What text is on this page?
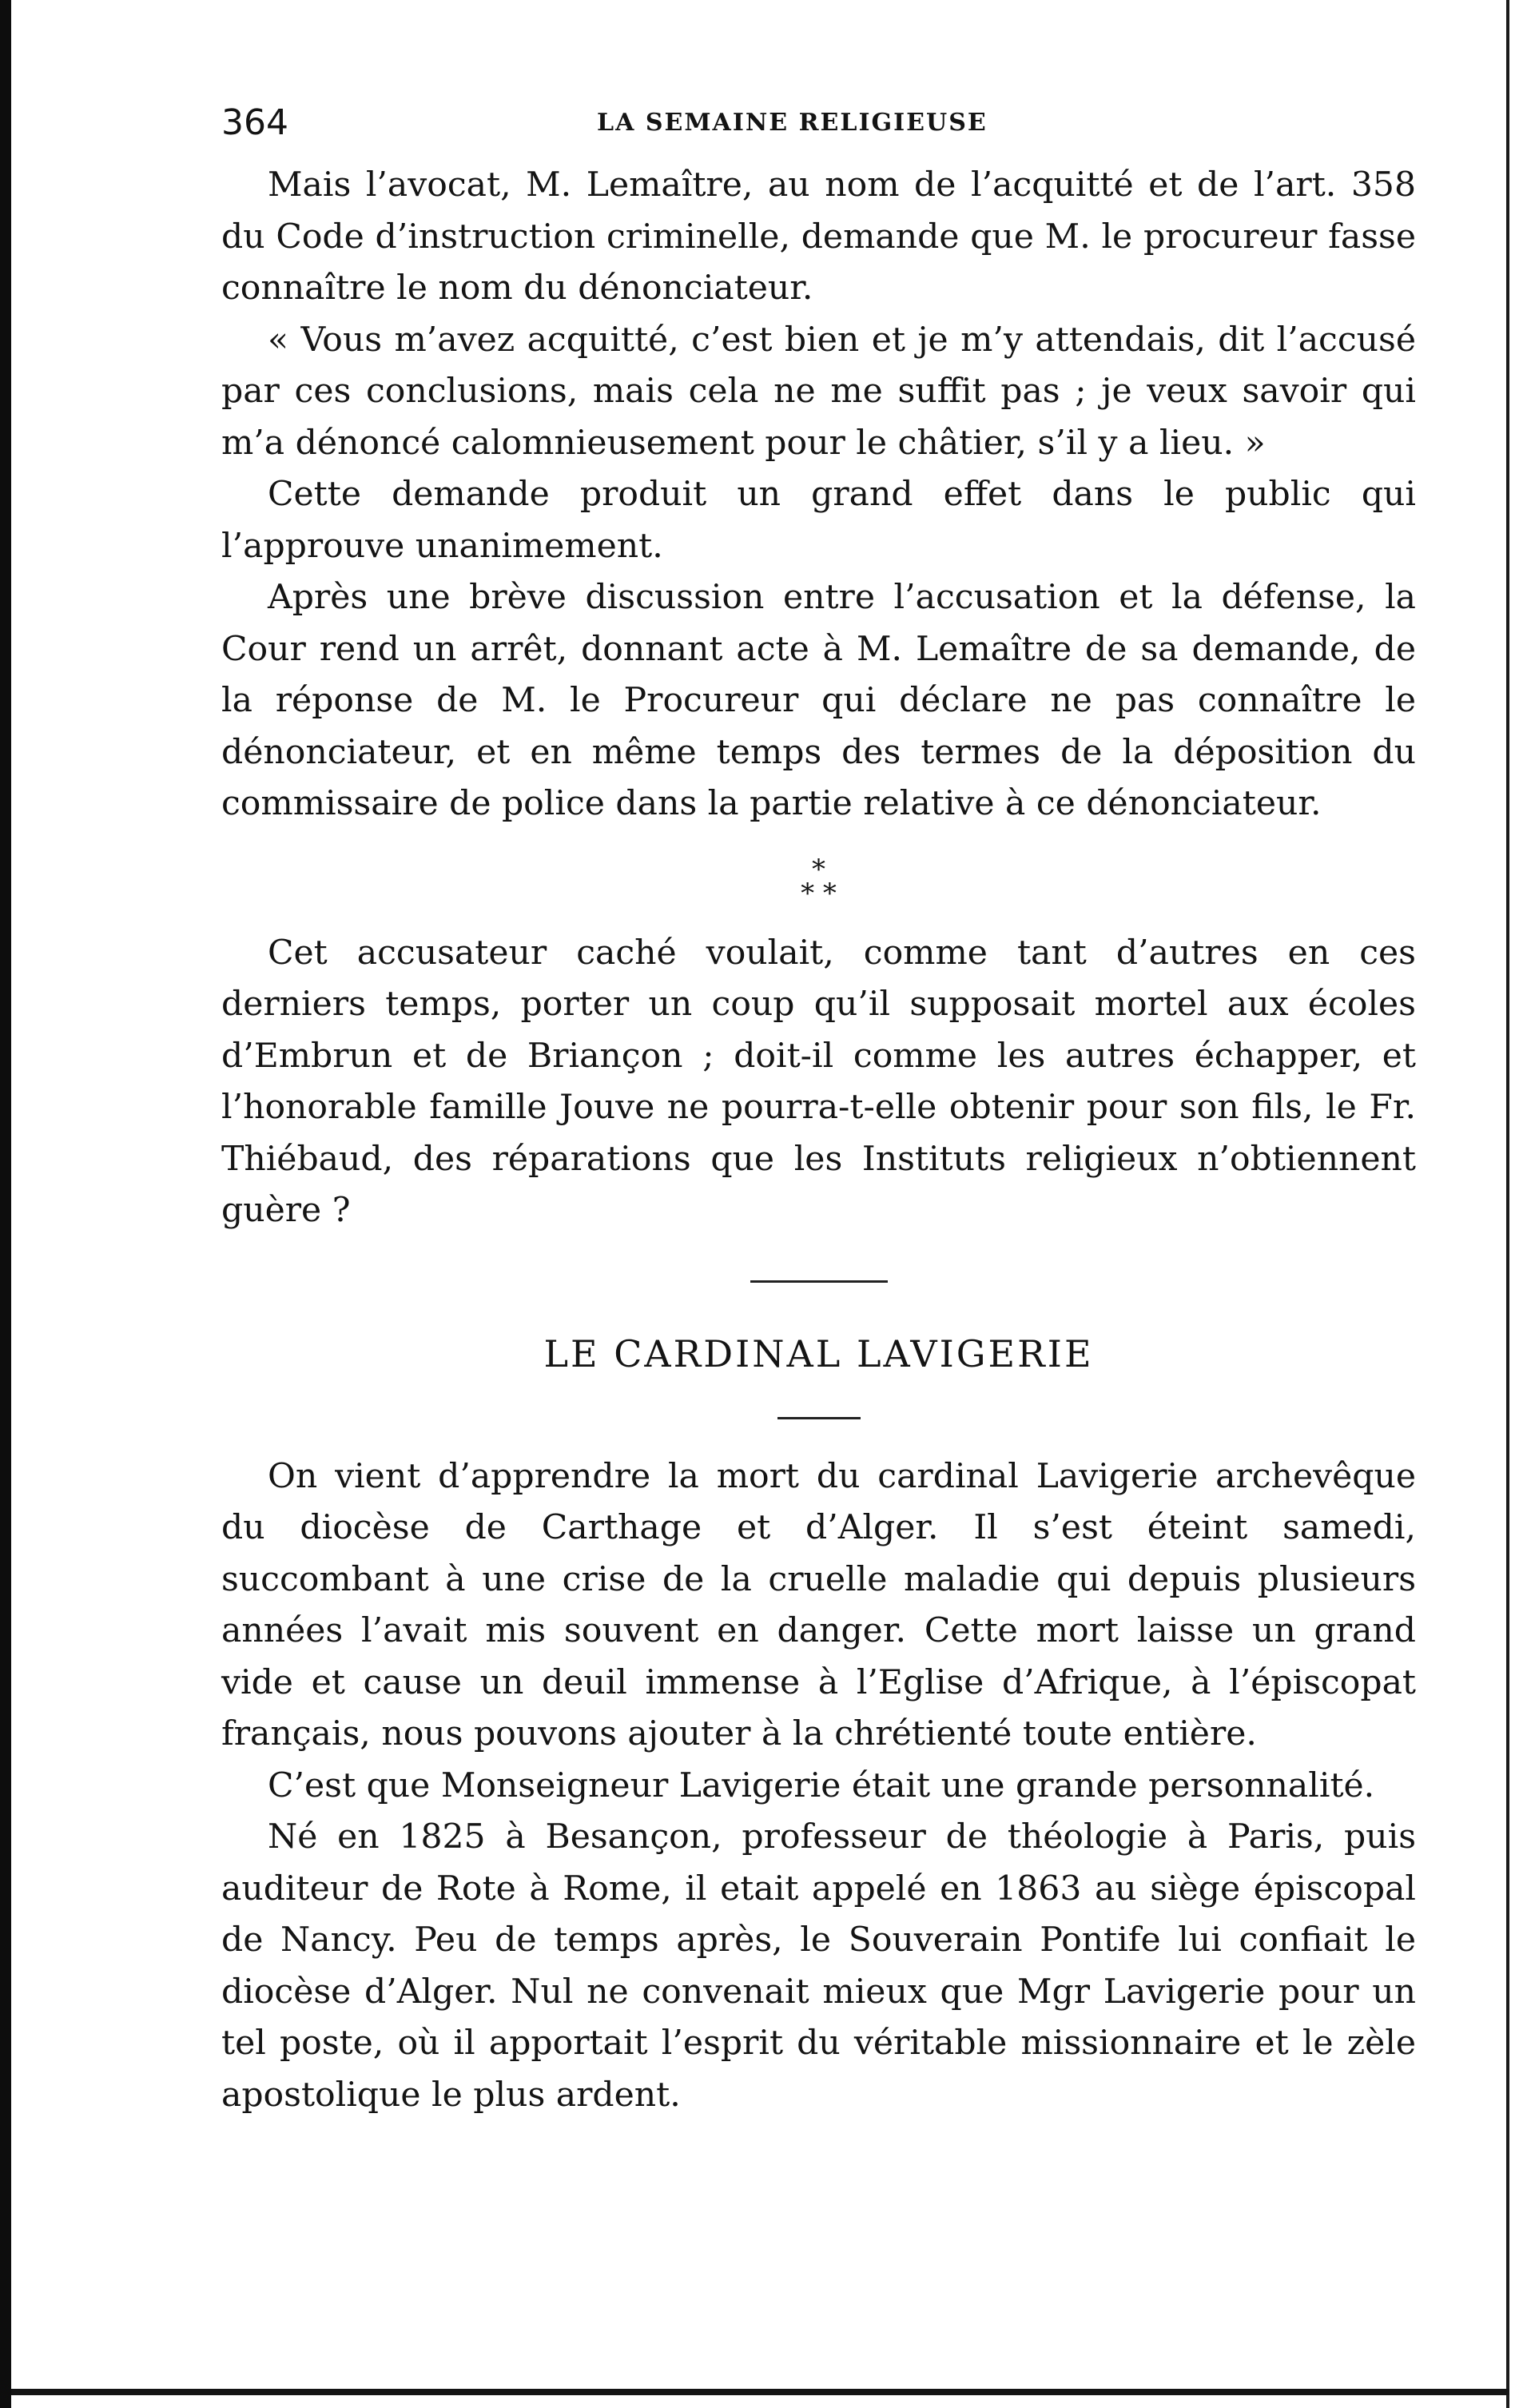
364	LA SEMAINE RELIGIEUSE

Mais l’avocat, M. Lemaître, au nom de l’acquitté et de l’art. 358 du Code d’instruction criminelle, demande que M. le procureur fasse connaître le nom du dénonciateur.

« Vous m’avez acquitté, c’est bien et je m’y attendais, dit l’accusé par ces conclusions, mais cela ne me suffit pas ; je veux savoir qui m’a dénoncé calomnieusement pour le châtier, s’il y a lieu. »

Cette demande produit un grand effet dans le public qui l’approuve unanimement.

Après une brève discussion entre l’accusation et la défense, la Cour rend un arrêt, donnant acte à M. Lemaître de sa demande, de la réponse de M. le Procureur qui déclare ne pas connaître le dénonciateur, et en même temps des termes de la déposition du commissaire de police dans la partie relative à ce dénonciateur.

*
* *

Cet accusateur caché voulait, comme tant d’autres en ces derniers temps, porter un coup qu’il supposait mortel aux écoles d’Embrun et de Briançon ; doit-il comme les autres échapper, et l’honorable famille Jouve ne pourra-t-elle obtenir pour son fils, le Fr. Thiébaud, des réparations que les Instituts religieux n’obtiennent guère ?

LE CARDINAL LAVIGERIE

On vient d’apprendre la mort du cardinal Lavigerie archevêque du diocèse de Carthage et d’Alger. Il s’est éteint samedi, succombant à une crise de la cruelle maladie qui depuis plusieurs années l’avait mis souvent en danger. Cette mort laisse un grand vide et cause un deuil immense à l’Eglise d’Afrique, à l’épiscopat français, nous pouvons ajouter à la chrétienté toute entière.

C’est que Monseigneur Lavigerie était une grande personnalité.

Né en 1825 à Besançon, professeur de théologie à Paris, puis auditeur de Rote à Rome, il etait appelé en 1863 au siège épiscopal de Nancy. Peu de temps après, le Souverain Pontife lui confiait le diocèse d’Alger. Nul ne convenait mieux que Mgr Lavigerie pour un tel poste, où il apportait l’esprit du véritable missionnaire et le zèle apostolique le plus ardent.
